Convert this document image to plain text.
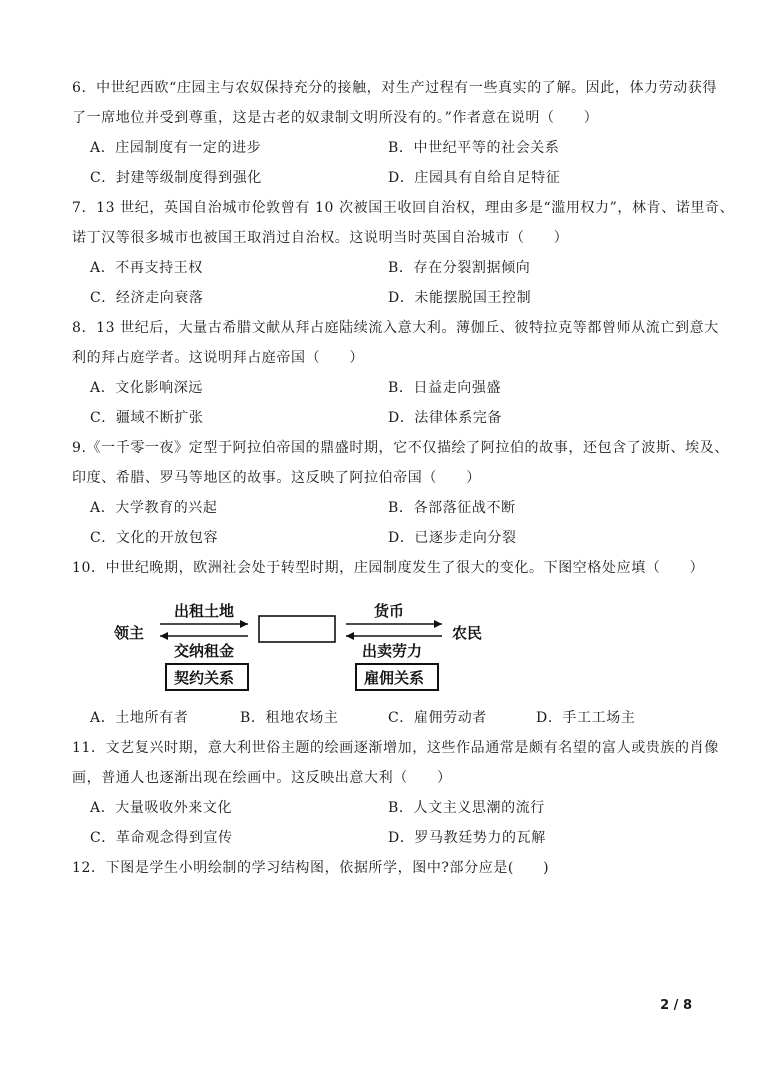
6．中世纪西欧“庄园主与农奴保持充分的接触，对生产过程有一些真实的了解。因此，体力劳动获得
了一席地位并受到尊重，这是古老的奴隶制文明所没有的。”作者意在说明（　　）
A．庄园制度有一定的进步	B．中世纪平等的社会关系
C．封建等级制度得到强化	D．庄园具有自给自足特征
7．13 世纪，英国自治城市伦敦曾有 10 次被国王收回自治权，理由多是“滥用权力”，林肯、诺里奇、
诺丁汉等很多城市也被国王取消过自治权。这说明当时英国自治城市（　　）
A．不再支持王权	B．存在分裂割据倾向
C．经济走向衰落	D．未能摆脱国王控制
8．13 世纪后，大量古希腊文献从拜占庭陆续流入意大利。薄伽丘、彼特拉克等都曾师从流亡到意大
利的拜占庭学者。这说明拜占庭帝国（　　）
A．文化影响深远	B．日益走向强盛
C．疆域不断扩张	D．法律体系完备
9.《一千零一夜》定型于阿拉伯帝国的鼎盛时期，它不仅描绘了阿拉伯的故事，还包含了波斯、埃及、
印度、希腊、罗马等地区的故事。这反映了阿拉伯帝国（　　）
A．大学教育的兴起	B．各部落征战不断
C．文化的开放包容	D．已逐步走向分裂
10．中世纪晚期，欧洲社会处于转型时期，庄园制度发生了很大的变化。下图空格处应填（　　）
领主
出租土地
交纳租金
契约关系
货币
出卖劳力
雇佣关系
农民
A．土地所有者	B．租地农场主	C．雇佣劳动者	D．手工工场主
11．文艺复兴时期，意大利世俗主题的绘画逐渐增加，这些作品通常是颇有名望的富人或贵族的肖像
画，普通人也逐渐出现在绘画中。这反映出意大利（　　）
A．大量吸收外来文化	B．人文主义思潮的流行
C．革命观念得到宣传	D．罗马教廷势力的瓦解
12．下图是学生小明绘制的学习结构图，依据所学，图中?部分应是(　　)
2 / 8
